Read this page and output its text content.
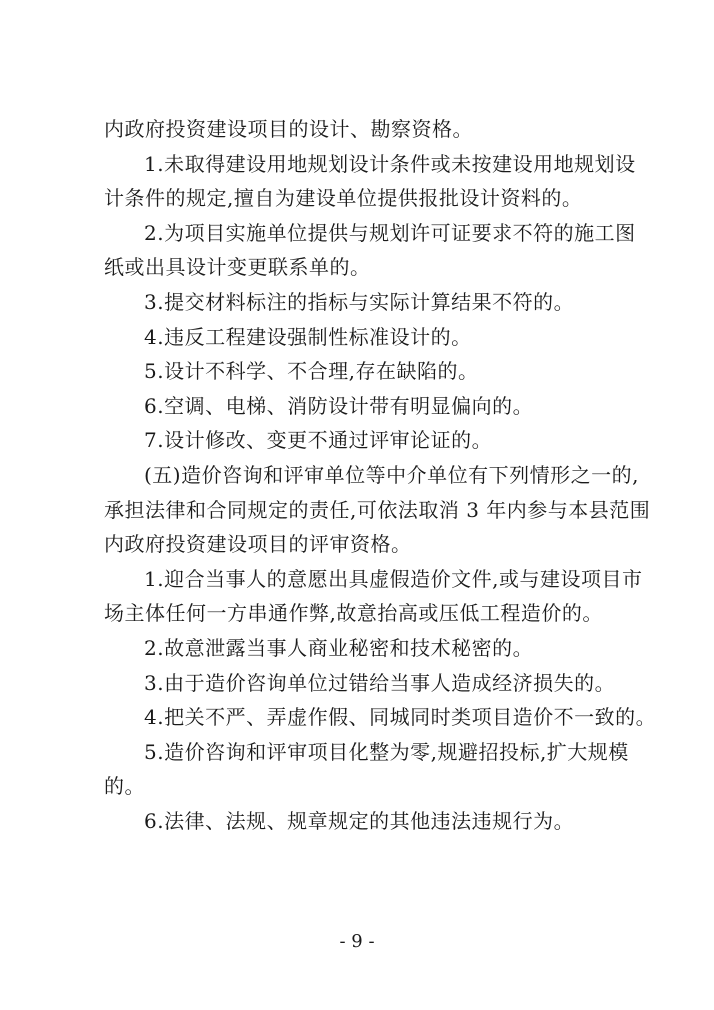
内政府投资建设项目的设计、勘察资格。
1.未取得建设用地规划设计条件或未按建设用地规划设
计条件的规定,擅自为建设单位提供报批设计资料的。
2.为项目实施单位提供与规划许可证要求不符的施工图
纸或出具设计变更联系单的。
3.提交材料标注的指标与实际计算结果不符的。
4.违反工程建设强制性标准设计的。
5.设计不科学、不合理,存在缺陷的。
6.空调、电梯、消防设计带有明显偏向的。
7.设计修改、变更不通过评审论证的。
(五)造价咨询和评审单位等中介单位有下列情形之一的,
承担法律和合同规定的责任,可依法取消 3 年内参与本县范围
内政府投资建设项目的评审资格。
1.迎合当事人的意愿出具虚假造价文件,或与建设项目市
场主体任何一方串通作弊,故意抬高或压低工程造价的。
2.故意泄露当事人商业秘密和技术秘密的。
3.由于造价咨询单位过错给当事人造成经济损失的。
4.把关不严、弄虚作假、同城同时类项目造价不一致的。
5.造价咨询和评审项目化整为零,规避招投标,扩大规模
的。
6.法律、法规、规章规定的其他违法违规行为。
- 9 -
